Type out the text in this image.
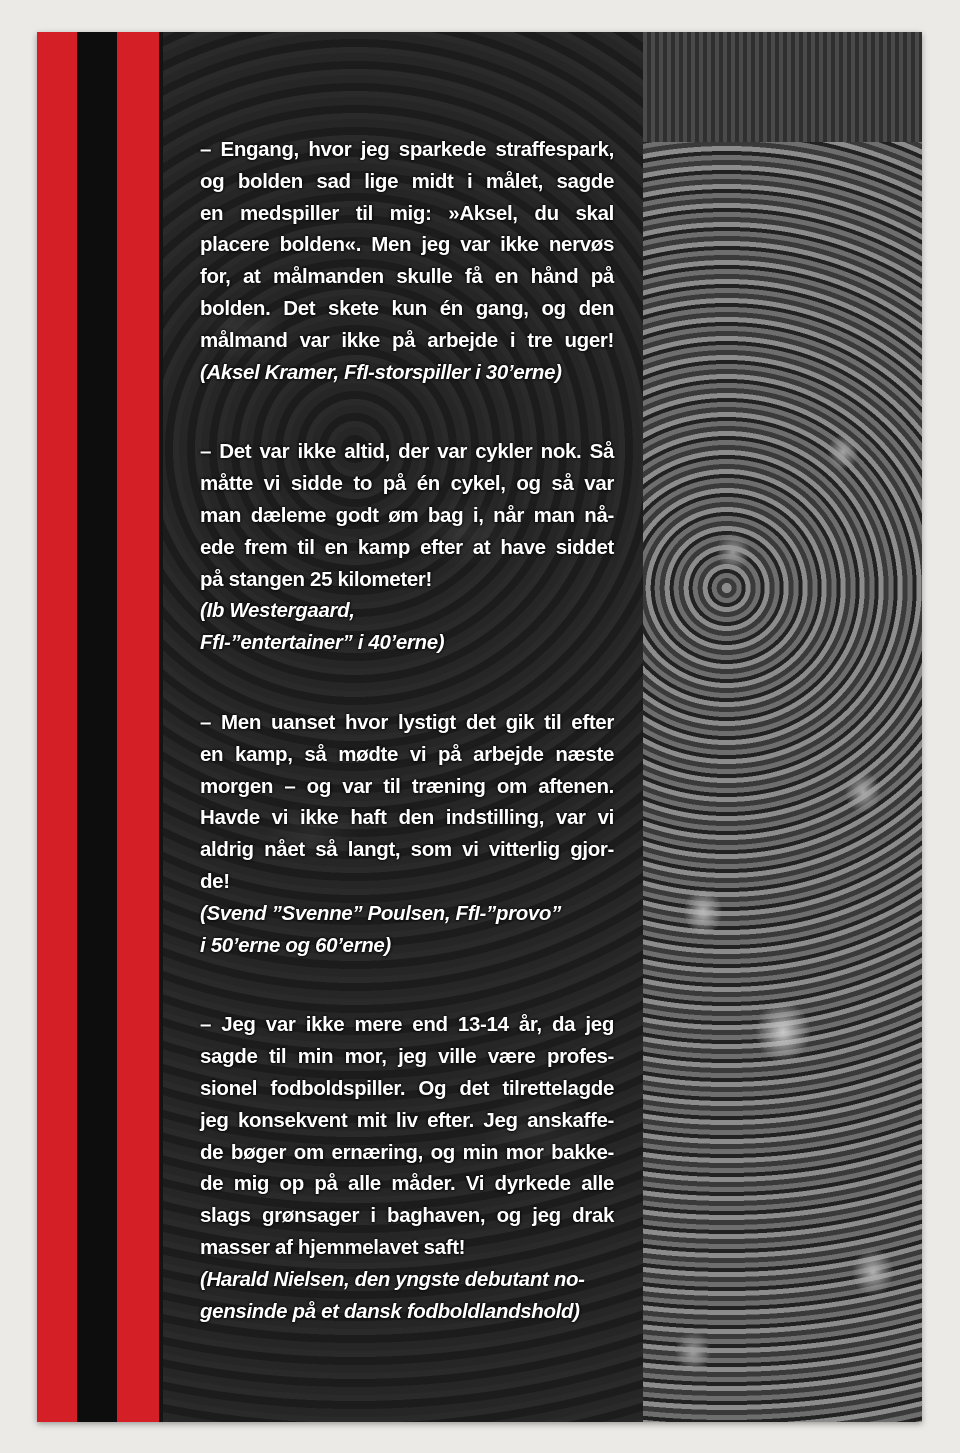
– Engang, hvor jeg sparkede straffespark,
og bolden sad lige midt i målet, sagde
en medspiller til mig: »Aksel, du skal
placere bolden«. Men jeg var ikke nervøs
for, at målmanden skulle få en hånd på
bolden. Det skete kun én gang, og den
målmand var ikke på arbejde i tre uger!
(Aksel Kramer, FfI-storspiller i 30’erne)

– Det var ikke altid, der var cykler nok. Så
måtte vi sidde to på én cykel, og så var
man dæleme godt øm bag i, når man nå-
ede frem til en kamp efter at have siddet
på stangen 25 kilometer!
(Ib Westergaard,
FfI-”entertainer” i 40’erne)

– Men uanset hvor lystigt det gik til efter
en kamp, så mødte vi på arbejde næste
morgen – og var til træning om aftenen.
Havde vi ikke haft den indstilling, var vi
aldrig nået så langt, som vi vitterlig gjor-
de!
(Svend ”Svenne” Poulsen, FfI-”provo”
i 50’erne og 60’erne)

– Jeg var ikke mere end 13-14 år, da jeg
sagde til min mor, jeg ville være profes-
sionel fodboldspiller. Og det tilrettelagde
jeg konsekvent mit liv efter. Jeg anskaffe-
de bøger om ernæring, og min mor bakke-
de mig op på alle måder. Vi dyrkede alle
slags grønsager i baghaven, og jeg drak
masser af hjemmelavet saft!
(Harald Nielsen, den yngste debutant no-
gensinde på et dansk fodboldlandshold)
